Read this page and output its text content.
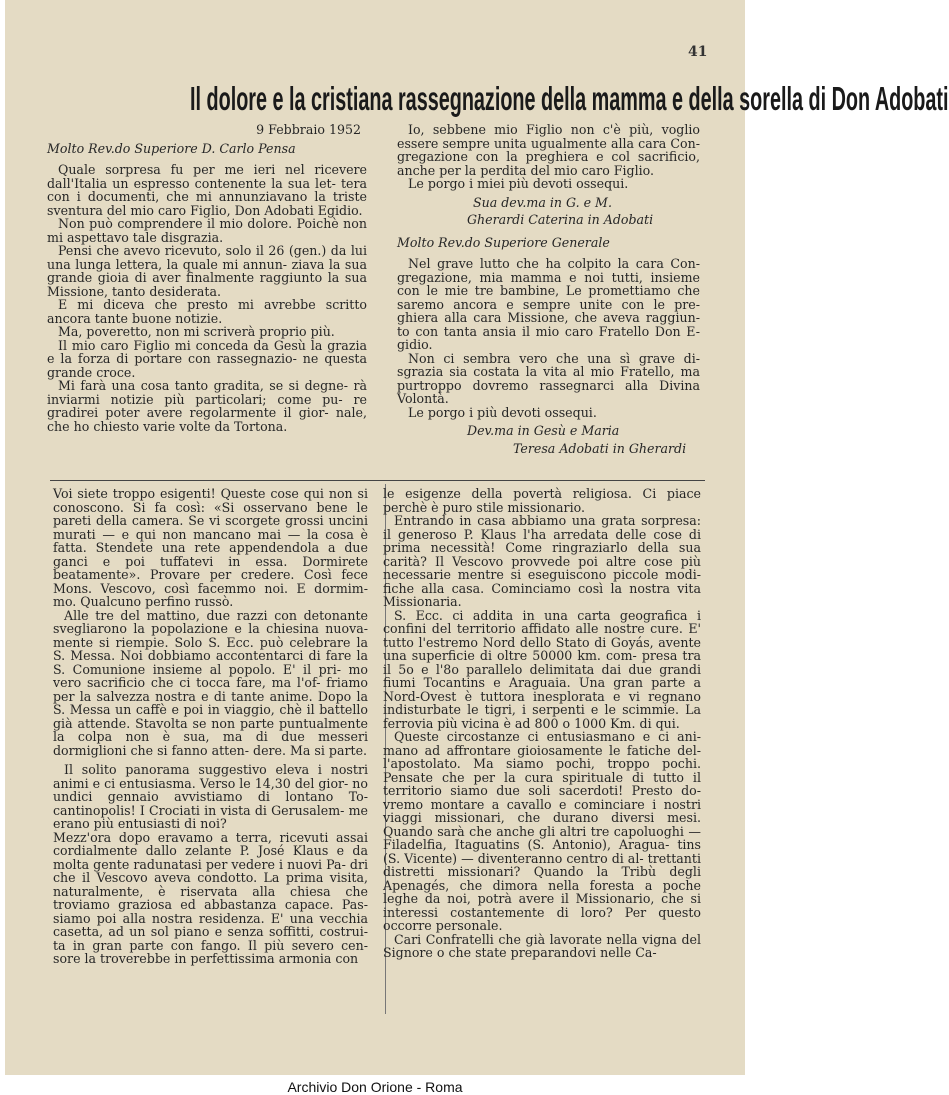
41
Il dolore e la cristiana rassegnazione della mamma e della sorella di Don Adobati

9 Febbraio 1952

Molto Rev.do Superiore D. Carlo Pensa

Quale sorpresa fu per me ieri nel ricevere dall'Italia un espresso contenente la sua let- tera con i documenti, che mi annunziavano la triste sventura del mio caro Figlio, Don Adobati Egidio.

Non può comprendere il mio dolore. Poichè non mi aspettavo tale disgrazia.

Pensi che avevo ricevuto, solo il 26 (gen.) da lui una lunga lettera, la quale mi annun- ziava la sua grande gioia di aver finalmente raggiunto la sua Missione, tanto desiderata.

E mi diceva che presto mi avrebbe scritto ancora tante buone notizie.

Ma, poveretto, non mi scriverà proprio più.

Il mio caro Figlio mi conceda da Gesù la grazia e la forza di portare con rassegnazio- ne questa grande croce.

Mi farà una cosa tanto gradita, se si degne- rà inviarmi notizie più particolari; come pu- re gradirei poter avere regolarmente il gior- nale, che ho chiesto varie volte da Tortona.

Io, sebbene mio Figlio non c'è più, voglio essere sempre unita ugualmente alla cara Con- gregazione con la preghiera e col sacrificio, anche per la perdita del mio caro Figlio.

Le porgo i miei più devoti ossequi.

Sua dev.ma in G. e M.

Gherardi Caterina in Adobati

Molto Rev.do Superiore Generale

Nel grave lutto che ha colpito la cara Con- gregazione, mia mamma e noi tutti, insieme con le mie tre bambine, Le promettiamo che saremo ancora e sempre unite con le pre- ghiera alla cara Missione, che aveva raggiun- to con tanta ansia il mio caro Fratello Don E- gidio.

Non ci sembra vero che una sì grave di- sgrazia sia costata la vita al mio Fratello, ma purtroppo dovremo rassegnarci alla Divina Volontà.

Le porgo i più devoti ossequi.

Dev.ma in Gesù e Maria

Teresa Adobati in Gherardi

Voi siete troppo esigenti! Queste cose qui non si conoscono. Si fa così: «Si osservano bene le pareti della camera. Se vi scorgete grossi uncini murati — e qui non mancano mai — la cosa è fatta. Stendete una rete appendendola a due ganci e poi tuffatevi in essa. Dormirete beatamente». Provare per credere. Così fece Mons. Vescovo, così facemmo noi. E dormim- mo. Qualcuno perfino russò.

Alle tre del mattino, due razzi con detonante svegliarono la popolazione e la chiesina nuova- mente si riempie. Solo S. Ecc. può celebrare la S. Messa. Noi dobbiamo accontentarci di fare la S. Comunione insieme al popolo. E' il pri- mo vero sacrificio che ci tocca fare, ma l'of- friamo per la salvezza nostra e di tante anime. Dopo la S. Messa un caffè e poi in viaggio, chè il battello già attende. Stavolta se non parte puntualmente la colpa non è sua, ma di due messeri dormiglioni che si fanno atten- dere. Ma si parte.

Il solito panorama suggestivo eleva i nostri animi e ci entusiasma. Verso le 14,30 del gior- no undici gennaio avvistiamo di lontano To- cantinopolis! I Crociati in vista di Gerusalem- me erano più entusiasti di noi?

Mezz'ora dopo eravamo a terra, ricevuti assai cordialmente dallo zelante P. José Klaus e da molta gente radunatasi per vedere i nuovi Pa- dri che il Vescovo aveva condotto. La prima visita, naturalmente, è riservata alla chiesa che troviamo graziosa ed abbastanza capace. Pas- siamo poi alla nostra residenza. E' una vecchia casetta, ad un sol piano e senza soffitti, costrui- ta in gran parte con fango. Il più severo cen- sore la troverebbe in perfettissima armonia con

le esigenze della povertà religiosa. Ci piace perchè è puro stile missionario.

Entrando in casa abbiamo una grata sorpresa: il generoso P. Klaus l'ha arredata delle cose di prima necessità! Come ringraziarlo della sua carità? Il Vescovo provvede poi altre cose più necessarie mentre si eseguiscono piccole modi- fiche alla casa. Cominciamo così la nostra vita Missionaria.

S. Ecc. ci addita in una carta geografica i confini del territorio affidato alle nostre cure. E' tutto l'estremo Nord dello Stato di Goyás, avente una superficie di oltre 50000 km. com- presa tra il 5o e l'8o parallelo delimitata dai due grandi fiumi Tocantins e Araguaia. Una gran parte a Nord-Ovest è tuttora inesplorata e vi regnano indisturbate le tigri, i serpenti e le scimmie. La ferrovia più vicina è ad 800 o 1000 Km. di qui.

Queste circostanze ci entusiasmano e ci ani- mano ad affrontare gioiosamente le fatiche del- l'apostolato. Ma siamo pochi, troppo pochi. Pensate che per la cura spirituale di tutto il territorio siamo due soli sacerdoti! Presto do- vremo montare a cavallo e cominciare i nostri viaggi missionari, che durano diversi mesi. Quando sarà che anche gli altri tre capoluoghi — Filadelfia, Itaguatins (S. Antonio), Aragua- tins (S. Vicente) — diventeranno centro di al- trettanti distretti missionari? Quando la Tribù degli Apenagés, che dimora nella foresta a poche leghe da noi, potrà avere il Missionario, che si interessi costantemente di loro? Per questo occorre personale.

Cari Confratelli che già lavorate nella vigna del Signore o che state preparandovi nelle Ca-

Archivio Don Orione - Roma
